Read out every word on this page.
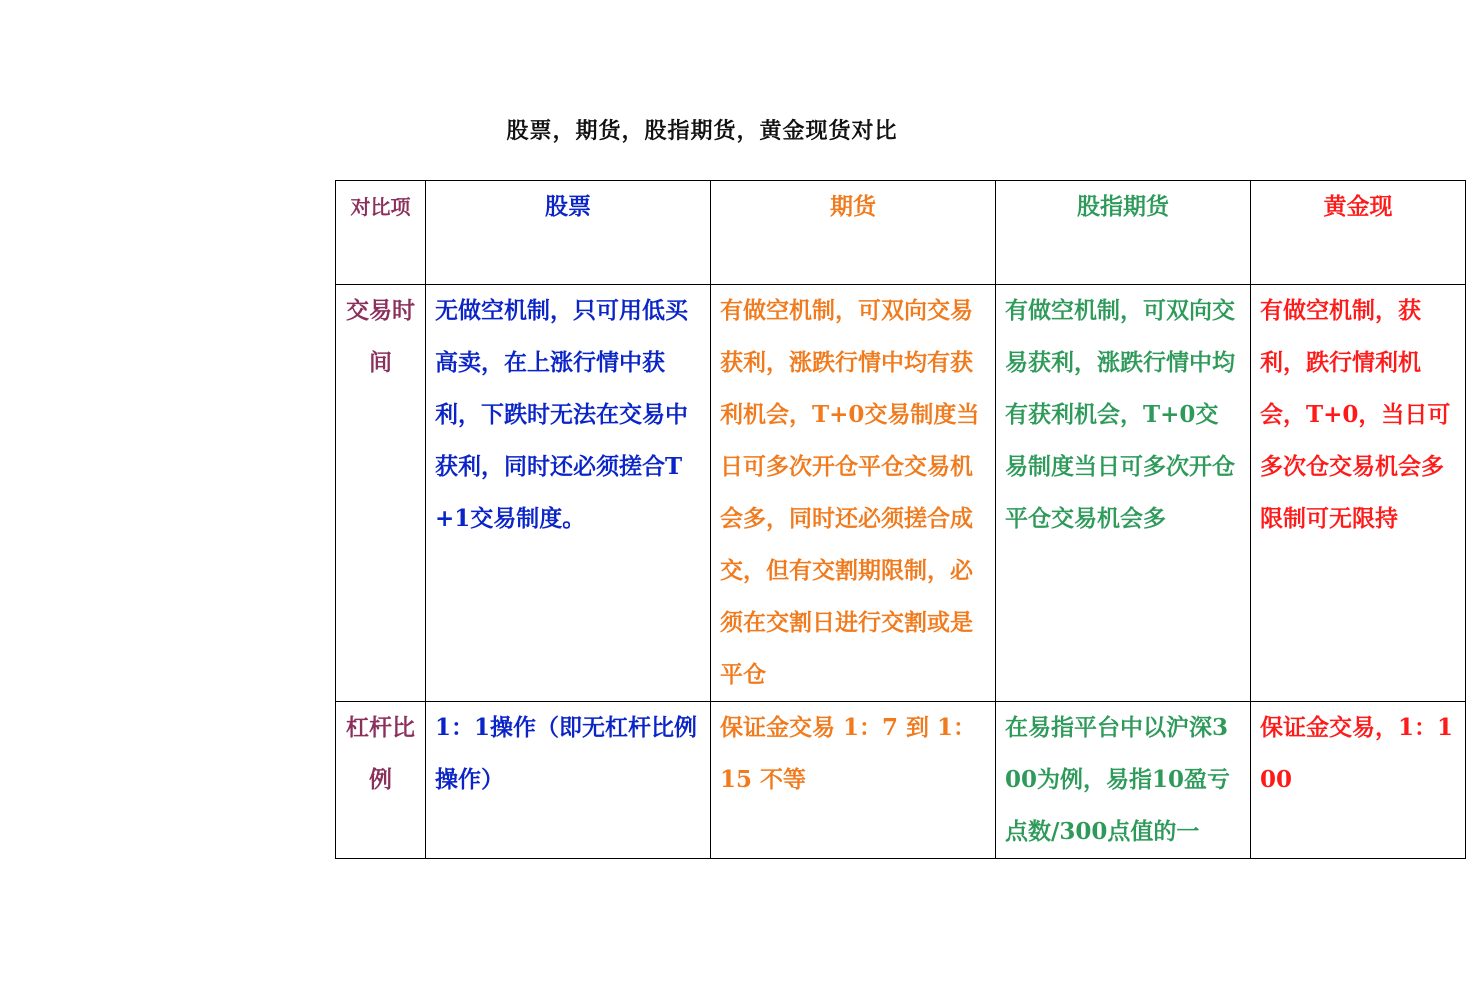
股票，期货，股指期货，黄金现货对比
对比项	股票	期货	股指期货	黄金现
交易时间	无做空机制，只可用低买高卖，在上涨行情中获利，下跌时无法在交易中获利，同时还必须搓合T+1交易制度。	有做空机制，可双向交易获利，涨跌行情中均有获利机会，T+0交易制度当日可多次开仓平仓交易机会多，同时还必须搓合成交，但有交割期限制，必须在交割日进行交割或是平仓	有做空机制，可双向交易获利，涨跌行情中均有获利机会，T+0交易制度当日可多次开仓平仓交易机会多	有做空机制，获利，跌行情利机会，T+0，当日可多次仓交易机会多限制可无限持
杠杆比例	1：1操作（即无杠杆比例操作）	保证金交易 1：7 到 1：15 不等	在易指平台中以沪深300为例，易指10盈亏点数/300点值的一	保证金交易，1：100
